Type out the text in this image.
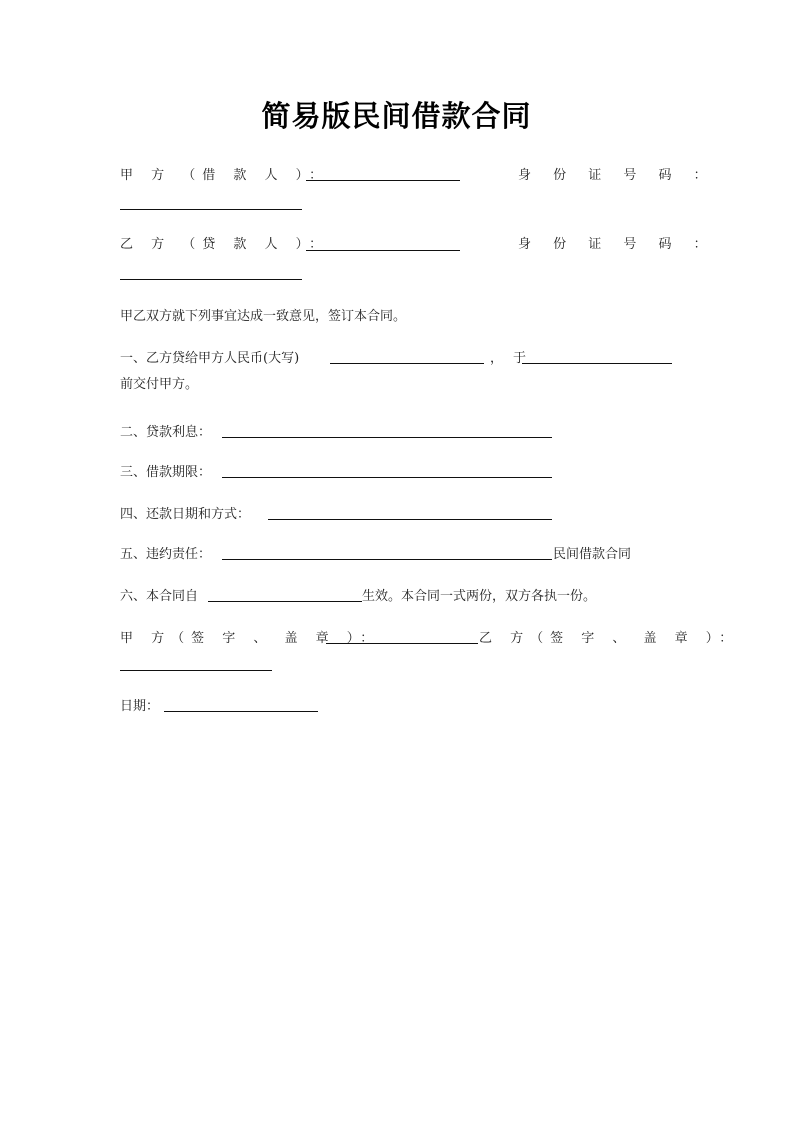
简易版民间借款合同
甲 方 （借 款 人 ）：	身 份 证 号 码 ：
乙 方 （贷 款 人 ）：	身 份 证 号 码 ：
甲乙双方就下列事宜达成一致意见，签订本合同。
一、乙方贷给甲方人民币(大写)	，于
前交付甲方。
二、贷款利息：
三、借款期限：
四、还款日期和方式：
五、违约责任：	民间借款合同
六、本合同自	生效。本合同一式两份，双方各执一份。
甲 方（签 字 、 盖 章 ）：	乙 方（签 字 、 盖 章 ）：
日期：
